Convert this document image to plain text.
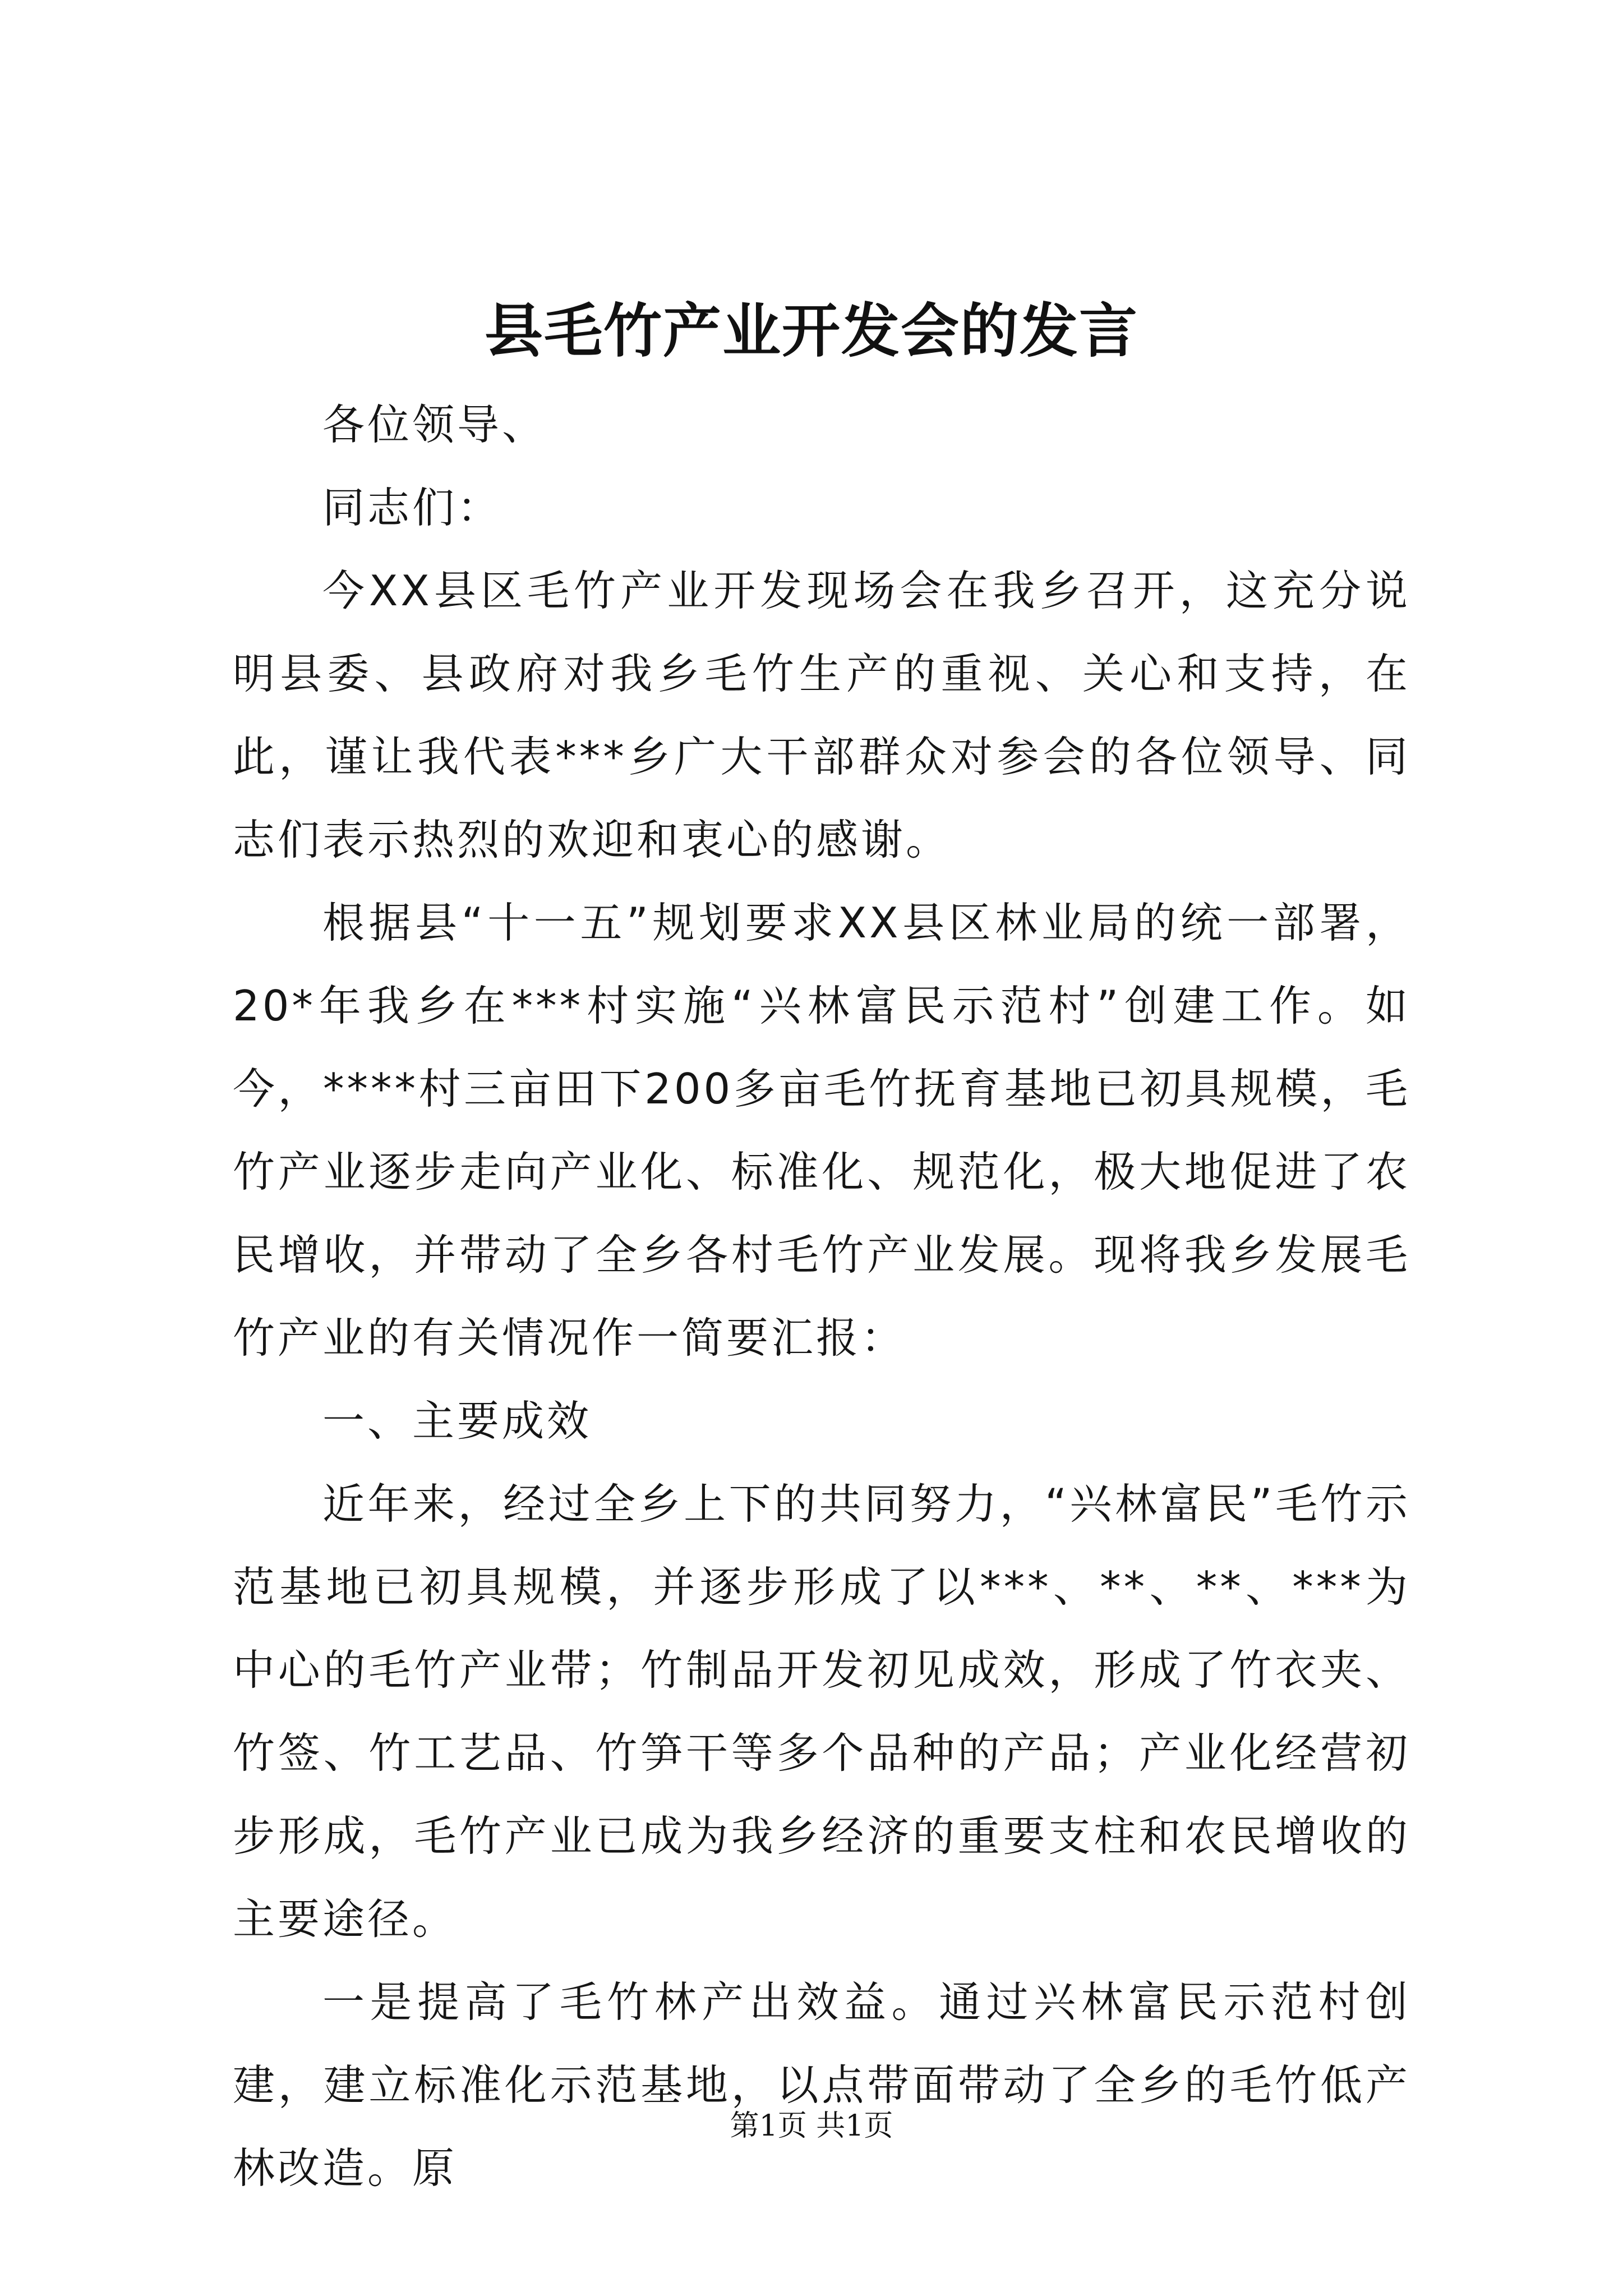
县毛竹产业开发会的发言

各位领导、

同志们：

今XX县区毛竹产业开发现场会在我乡召开，这充分说明县委、县政府对我乡毛竹生产的重视、关心和支持，在此，谨让我代表***乡广大干部群众对参会的各位领导、同志们表示热烈的欢迎和衷心的感谢。

根据县“十一五”规划要求XX县区林业局的统一部署，20*年我乡在***村实施“兴林富民示范村”创建工作。如今，****村三亩田下200多亩毛竹抚育基地已初具规模，毛竹产业逐步走向产业化、标准化、规范化，极大地促进了农民增收，并带动了全乡各村毛竹产业发展。现将我乡发展毛竹产业的有关情况作一简要汇报：

一、主要成效

近年来，经过全乡上下的共同努力，“兴林富民”毛竹示范基地已初具规模，并逐步形成了以***、**、**、***为中心的毛竹产业带；竹制品开发初见成效，形成了竹衣夹、竹签、竹工艺品、竹笋干等多个品种的产品；产业化经营初步形成，毛竹产业已成为我乡经济的重要支柱和农民增收的主要途径。

一是提高了毛竹林产出效益。通过兴林富民示范村创建，建立标准化示范基地，以点带面带动了全乡的毛竹低产林改造。原

第1页 共1页
